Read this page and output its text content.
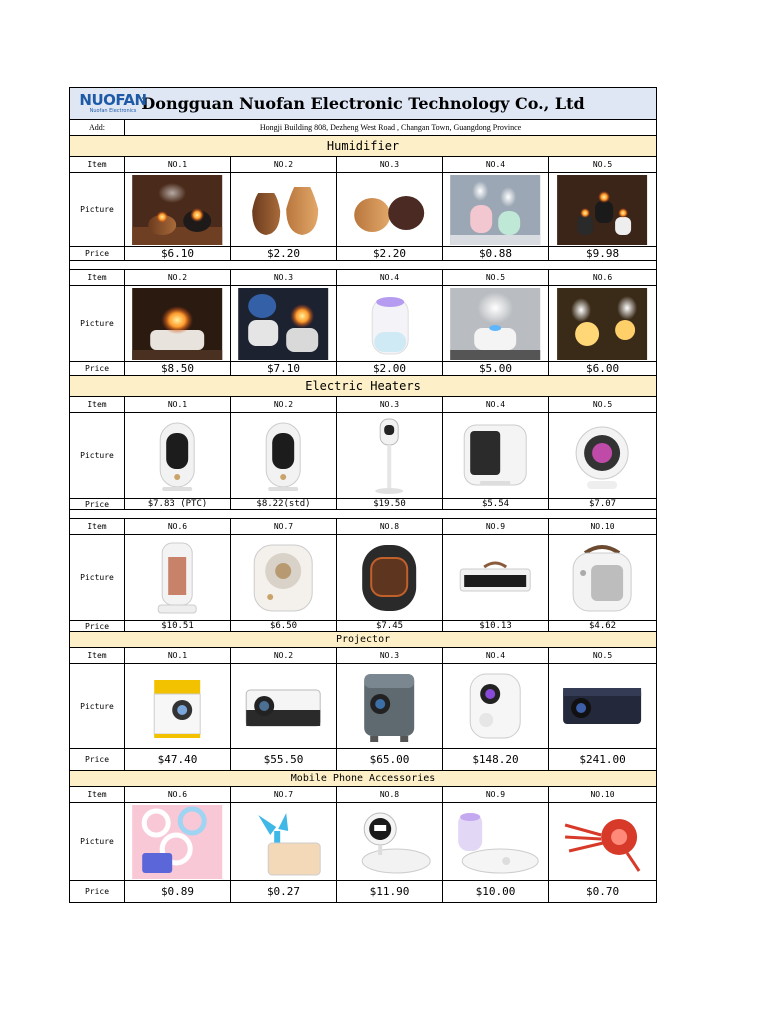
NUOFAN
Nuofan Electronics Dongguan Nuofan Electronic Technology Co., Ltd					
Add:	Hongji Building 808, Dezheng West Road , Changan Town, Guangdong Province				
Humidifier					
Item	NO.1	NO.2	NO.3	NO.4	NO.5
Picture	

Price	$6.10	$2.20	$2.20	$0.88	$9.98

Item	NO.2	NO.3	NO.4	NO.5	NO.6
Picture	

Price	$8.50	$7.10	$2.00	$5.00	$6.00
Electric Heaters					
Item	NO.1	NO.2	NO.3	NO.4	NO.5
Picture	

Price	$7.83 (PTC)	$8.22(std)	$19.50	$5.54	$7.07

Item	NO.6	NO.7	NO.8	NO.9	NO.10
Picture	

Price	$10.51	$6.50	$7.45	$10.13	$4.62
Projector					
Item	NO.1	NO.2	NO.3	NO.4	NO.5
Picture	

Price	$47.40	$55.50	$65.00	$148.20	$241.00
Mobile Phone Accessories					
Item	NO.6	NO.7	NO.8	NO.9	NO.10
Picture	

Price	$0.89	$0.27	$11.90	$10.00	$0.70
